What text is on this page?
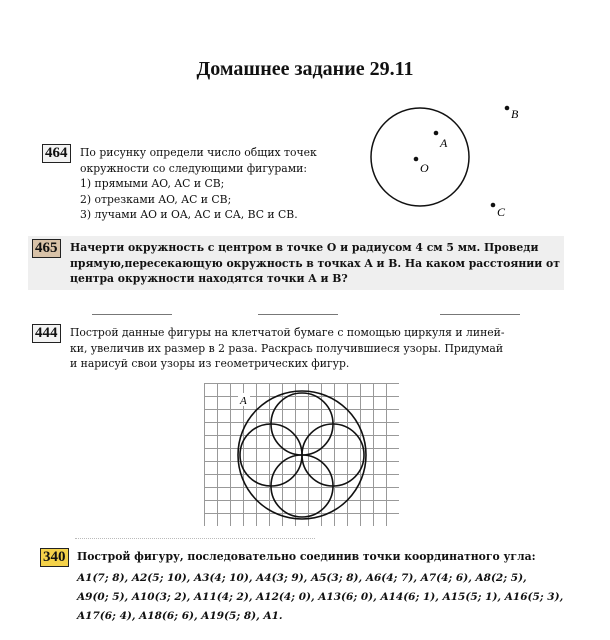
Домашнее задание 29.11
464 По рисунку определи число общих точек
окружности со следующими фигурами:
1) прямыми AO, AC и CB;
2) отрезками AO, AC и CB;
3) лучами AO и OA, AC и CA, BC и CB.
A
O
B
C
465 Начерти окружность с центром в точке O и радиусом 4 см 5 мм. Проведи
прямую,пересекающую окружность в точках A и B. На каком расстоянии от
центра окружности находятся точки A и B?
444 Построй данные фигуры на клетчатой бумаге с помощью циркуля и линей-
ки, увеличив их размер в 2 раза. Раскрась получившиеся узоры. Придумай
и нарисуй свои узоры из геометрических фигур.
A
340 Построй фигуру, последовательно соединив точки координатного угла:
A1(7; 8), A2(5; 10), A3(4; 10), A4(3; 9), A5(3; 8), A6(4; 7), A7(4; 6), A8(2; 5),
A9(0; 5), A10(3; 2), A11(4; 2), A12(4; 0), A13(6; 0), A14(6; 1), A15(5; 1), A16(5; 3),
A17(6; 4), A18(6; 6), A19(5; 8), A1.
